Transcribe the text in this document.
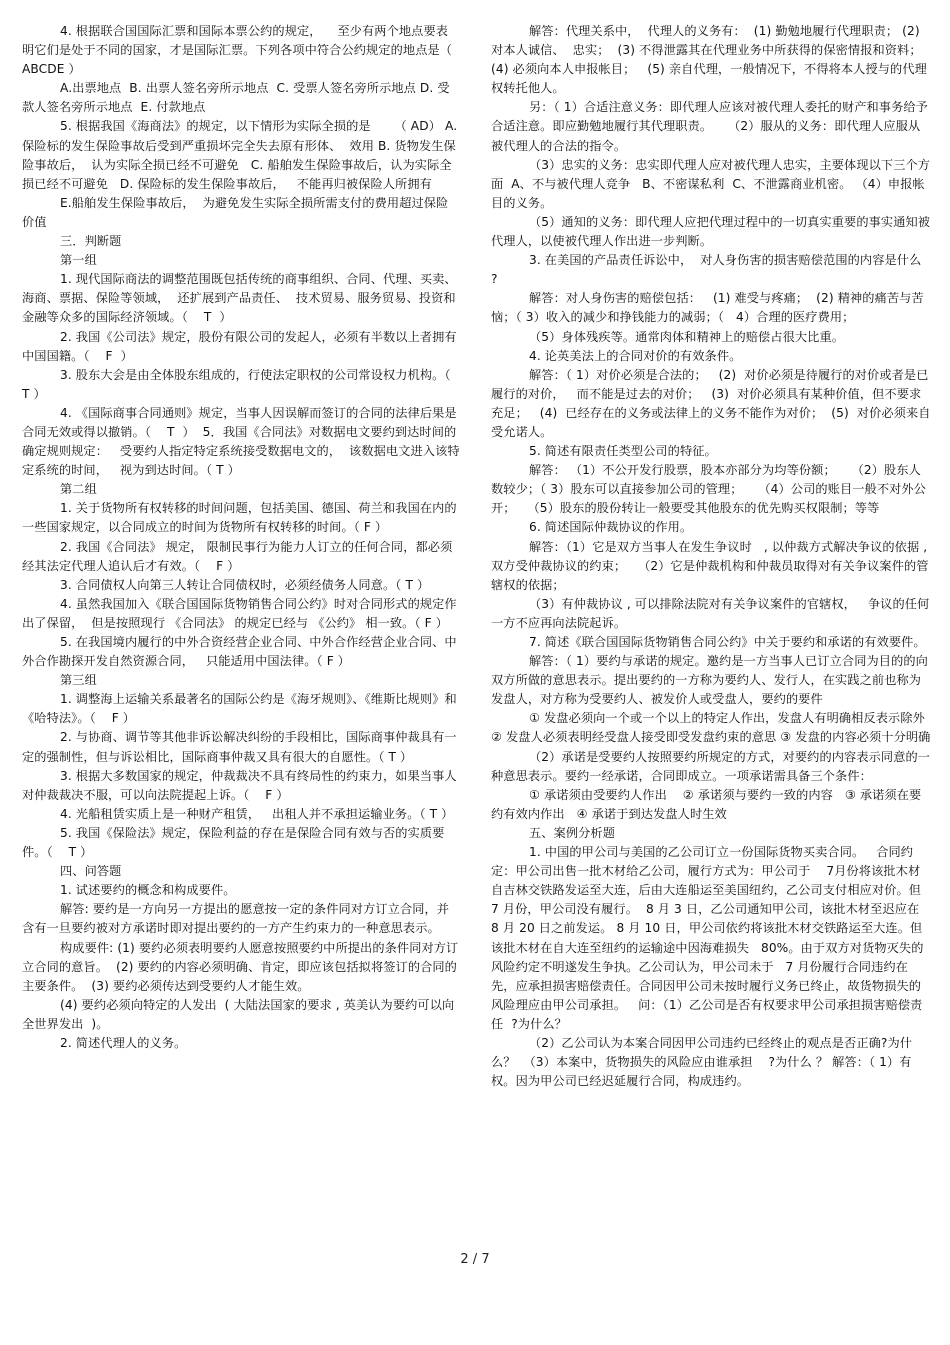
4. 根据联合国国际汇票和国际本票公约的规定，    至少有两个地点要表明它们是处于不同的国家，才是国际汇票。下列各项中符合公约规定的地点是（ ABCDE ）

A.出票地点  B. 出票人签名旁所示地点  C. 受票人签名旁所示地点 D. 受款人签名旁所示地点  E. 付款地点

5. 根据我国《海商法》的规定，以下情形为实际全损的是      （ AD） A.保险标的发生保险事故后受到严重损坏完全失去原有形体、  效用 B. 货物发生保险事故后，  认为实际全损已经不可避免   C. 船舶发生保险事故后，认为实际全损已经不可避免   D. 保险标的发生保险事故后，   不能再归被保险人所拥有

E.船舶发生保险事故后，  为避免发生实际全损所需支付的费用超过保险价值

三．判断题

第一组

1. 现代国际商法的调整范围既包括传统的商事组织、合同、代理、买卖、海商、票据、保险等领域，  还扩展到产品责任、  技术贸易、服务贸易、投资和金融等众多的国际经济领域。（    T  ）

2. 我国《公司法》规定，股份有限公司的发起人，必须有半数以上者拥有中国国籍。（    F  ）

3. 股东大会是由全体股东组成的，行使法定职权的公司常设权力机构。（ T ）

4. 《国际商事合同通则》规定，当事人因误解而签订的合同的法律后果是合同无效或得以撤销。（    T  ）  5．我国《合同法》对数据电文要约到达时间的确定规则规定：   受要约人指定特定系统接受数据电文的，  该数据电文进入该特定系统的时间，   视为到达时间。（ T ）

第二组

1. 关于货物所有权转移的时间问题，包括美国、德国、荷兰和我国在内的一些国家规定，以合同成立的时间为货物所有权转移的时间。（ F ）

2. 我国《合同法》 规定， 限制民事行为能力人订立的任何合同，都必须经其法定代理人追认后才有效。（    F ）

3. 合同债权人向第三人转让合同债权时，必须经债务人同意。（ T ）

4. 虽然我国加入《联合国国际货物销售合同公约》时对合同形式的规定作出了保留，  但是按照现行 《合同法》 的规定已经与 《公约》 相一致。（ F ）

5. 在我国境内履行的中外合资经营企业合同、中外合作经营企业合同、中外合作勘探开发自然资源合同，   只能适用中国法律。（ F ）

第三组

1. 调整海上运输关系最著名的国际公约是《海牙规则》、《维斯比规则》和《哈特法》。（    F ）

2. 与协商、调节等其他非诉讼解决纠纷的手段相比，国际商事仲裁具有一定的强制性，但与诉讼相比，国际商事仲裁又具有很大的自愿性。（ T ）

3. 根据大多数国家的规定，仲裁裁决不具有终局性的约束力，如果当事人对仲裁裁决不服，可以向法院提起上诉。（    F ）

4. 光船租赁实质上是一种财产租赁，   出租人并不承担运输业务。（ T ）

5. 我国《保险法》规定，保险利益的存在是保险合同有效与否的实质要件。（    T ）

四、问答题

1. 试述要约的概念和构成要件。

解答: 要约是一方向另一方提出的愿意按一定的条件同对方订立合同，并含有一旦要约被对方承诺时即对提出要约的一方产生约束力的一种意思表示。

构成要件: (1) 要约必须表明要约人愿意按照要约中所提出的条件同对方订立合同的意旨。  (2) 要约的内容必须明确、肯定，即应该包括拟将签订的合同的主要条件。  (3) 要约必须传达到受要约人才能生效。

(4) 要约必须向特定的人发出  ( 大陆法国家的要求 , 英美认为要约可以向全世界发出  )。

2. 简述代理人的义务。

解答：代理关系中，  代理人的义务有：  (1) 勤勉地履行代理职责； (2) 对本人诚信、  忠实；  (3) 不得泄露其在代理业务中所获得的保密情报和资料；  (4) 必须向本人申报帐目；   (5) 亲自代理，一般情况下，不得将本人授与的代理权转托他人。

另：（ 1）合适注意义务：即代理人应该对被代理人委托的财产和事务给予合适注意。即应勤勉地履行其代理职责。    （2）服从的义务：即代理人应服从被代理人的合法的指令。

（3）忠实的义务：忠实即代理人应对被代理人忠实，主要体现以下三个方面  A、不与被代理人竞争   B、不密谋私利  C、不泄露商业机密。 （4）申报帐目的义务。

（5）通知的义务：即代理人应把代理过程中的一切真实重要的事实通知被代理人，以使被代理人作出进一步判断。

3. 在美国的产品责任诉讼中，  对人身伤害的损害赔偿范围的内容是什么 ?

解答：对人身伤害的赔偿包括：   (1) 难受与疼痛；  (2) 精神的痛苦与苦恼；（ 3）收入的减少和挣钱能力的减弱；（   4）合理的医疗费用；

（5）身体残疾等。通常肉体和精神上的赔偿占很大比重。

4. 论英美法上的合同对价的有效条件。

解答：（ 1）对价必须是合法的；   (2)  对价必须是待履行的对价或者是已履行的对价，   而不能是过去的对价；   (3)  对价必须具有某种价值，但不要求充足；   (4)  已经存在的义务或法律上的义务不能作为对价；  (5)  对价必须来自受允诺人。

5. 简述有限责任类型公司的特征。

解答： （1）不公开发行股票，股本亦部分为均等份额；    （2）股东人数较少；（ 3）股东可以直接参加公司的管理；    （4）公司的账目一般不对外公开；   （5）股东的股份转让一般要受其他股东的优先购买权限制；等等

6. 简述国际仲裁协议的作用。

解答：（1）它是双方当事人在发生争议时   , 以仲裁方式解决争议的依据 , 双方受仲裁协议的约束；   （2）它是仲裁机构和仲裁员取得对有关争议案件的管辖权的依据；

（3）有仲裁协议 , 可以排除法院对有关争议案件的官辖权，   争议的任何一方不应再向法院起诉。

7. 简述《联合国国际货物销售合同公约》中关于要约和承诺的有效要件。

解答：（ 1）要约与承诺的规定。邀约是一方当事人已订立合同为目的的向双方所做的意思表示。提出要约的一方称为要约人、发行人，在实践之前也称为发盘人，对方称为受要约人、被发价人或受盘人，要约的要件

① 发盘必须向一个或一个以上的特定人作出，发盘人有明确相反表示除外  ② 发盘人必须表明经受盘人接受即受发盘约束的意思 ③ 发盘的内容必须十分明确

（2）承诺是受要约人按照要约所规定的方式，对要约的内容表示同意的一种意思表示。要约一经承诺，合同即成立。一项承诺需具备三个条件：

① 承诺须由受要约人作出    ② 承诺须与要约一致的内容   ③ 承诺须在要约有效内作出   ④ 承诺于到达发盘人时生效

五、案例分析题

1. 中国的甲公司与美国的乙公司订立一份国际货物买卖合同。   合同约定：甲公司出售一批木材给乙公司，履行方式为：甲公司于    7月份将该批木材自吉林交铁路发运至大连，后由大连船运至美国纽约，乙公司支付相应对价。但   7 月份，甲公司没有履行。  8 月 3 日，乙公司通知甲公司，该批木材至迟应在    8 月 20 日之前发运。 8 月 10 日，甲公司依约将该批木材交铁路运至大连。但该批木材在自大连至纽约的运输途中因海难损失   80%。由于双方对货物灭失的风险约定不明遂发生争执。乙公司认为，甲公司未于   7 月份履行合同违约在先，应承担损害赔偿责任。合同因甲公司未按时履行义务已终止，故货物损失的风险理应由甲公司承担。   问：（1）乙公司是否有权要求甲公司承担损害赔偿责任  ?为什么？

（2）乙公司认为本案合同因甲公司违约已经终止的观点是否正确?为什么？  （3）本案中，货物损失的风险应由谁承担    ?为什么 ？ 解答：（ 1）有权。因为甲公司已经迟延履行合同，构成违约。

2 / 7
